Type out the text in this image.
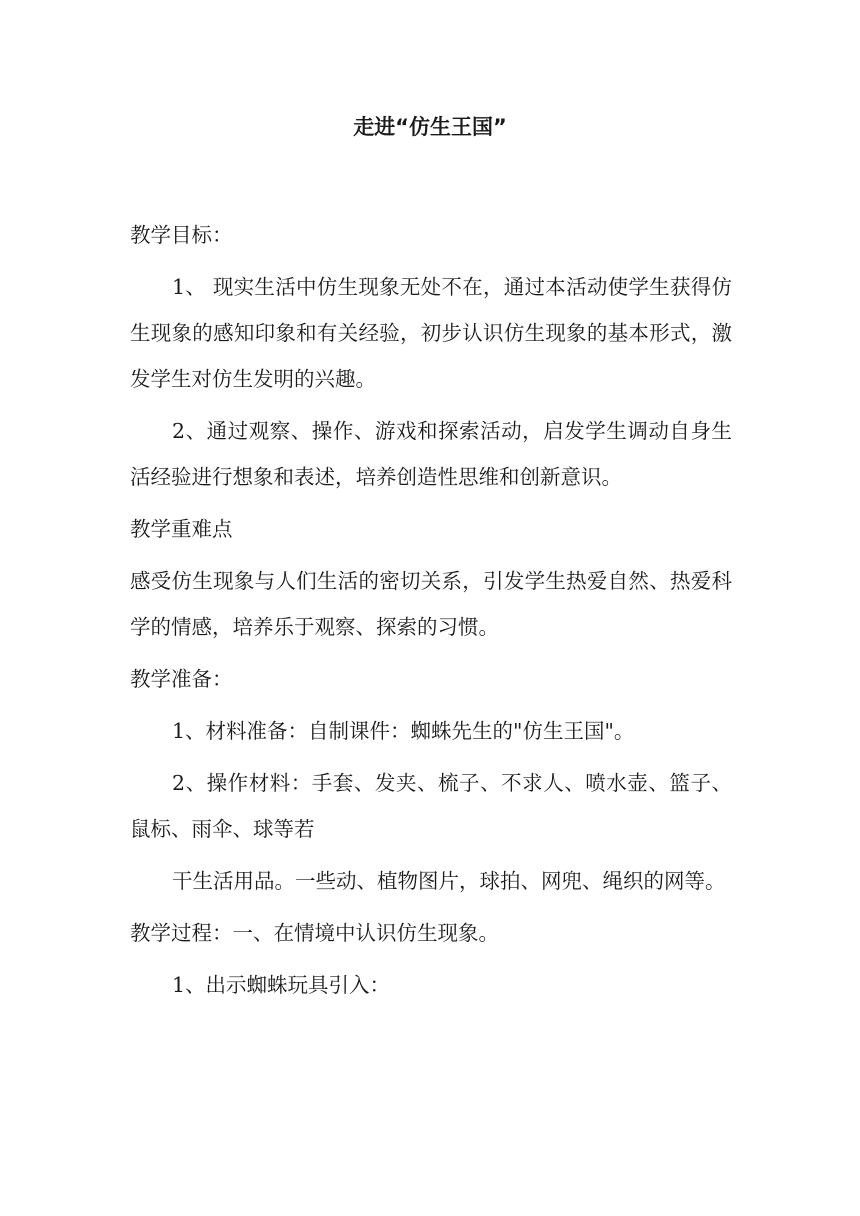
走进“仿生王国”

教学目标：

1、 现实生活中仿生现象无处不在，通过本活动使学生获得仿生现象的感知印象和有关经验，初步认识仿生现象的基本形式，激发学生对仿生发明的兴趣。

2、通过观察、操作、游戏和探索活动，启发学生调动自身生活经验进行想象和表述，培养创造性思维和创新意识。

教学重难点

感受仿生现象与人们生活的密切关系，引发学生热爱自然、热爱科学的情感，培养乐于观察、探索的习惯。

教学准备：

1、材料准备：自制课件：蜘蛛先生的"仿生王国"。

2、操作材料：手套、发夹、梳子、不求人、喷水壶、篮子、鼠标、雨伞、球等若

干生活用品。一些动、植物图片，球拍、网兜、绳织的网等。

教学过程：一、在情境中认识仿生现象。

1、出示蜘蛛玩具引入：
